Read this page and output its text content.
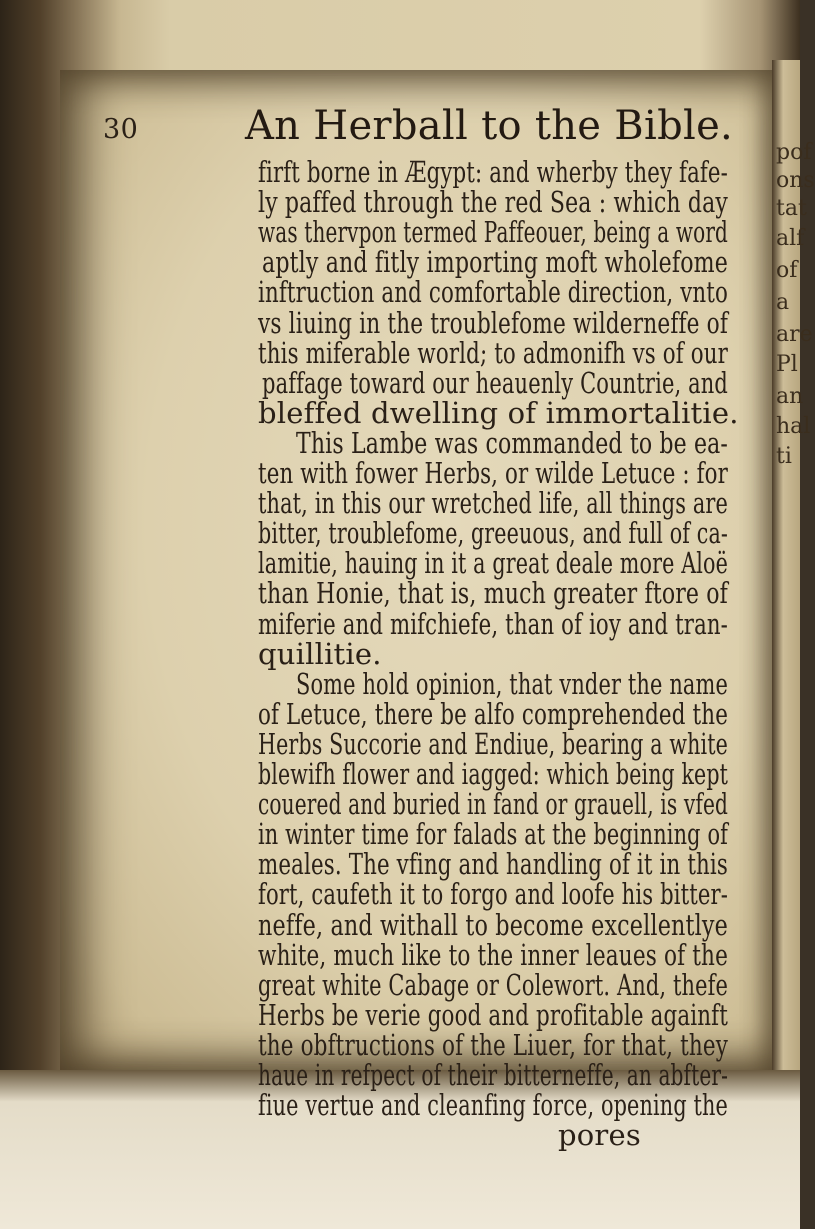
30	An Herball to the Bible.
firft borne in Ægypt: and wherby they fafe-
ly paffed through the red Sea : which day
was thervpon termed Paffeouer, being a word
aptly and fitly importing moft wholefome
inftruction and comfortable direction, vnto
vs liuing in the troublefome wilderneffe of
this miferable world; to admonifh vs of our
paffage toward our heauenly Countrie, and
bleffed dwelling of immortalitie.
This Lambe was commanded to be ea-
ten with fower Herbs, or wilde Letuce : for
that, in this our wretched life, all things are
bitter, troublefome, greeuous, and full of ca-
lamitie, hauing in it a great deale more Aloë
than Honie, that is, much greater ftore of
miferie and mifchiefe, than of ioy and tran-
quillitie.
Some hold opinion, that vnder the name
of Letuce, there be alfo comprehended the
Herbs Succorie and Endiue, bearing a white
blewifh flower and iagged: which being kept
couered and buried in fand or grauell, is vfed
in winter time for falads at the beginning of
meales. The vfing and handling of it in this
fort, caufeth it to forgo and loofe his bitter-
neffe, and withall to become excellentlye
white, much like to the inner leaues of the
great white Cabage or Colewort. And, thefe
Herbs be verie good and profitable againft
the obftructions of the Liuer, for that, they
haue in refpect of their bitterneffe, an abfter-
fiue vertue and cleanfing force, opening the
pores
pof
ons
tat
alf
of
a
are
Pl
an
hal
ti
